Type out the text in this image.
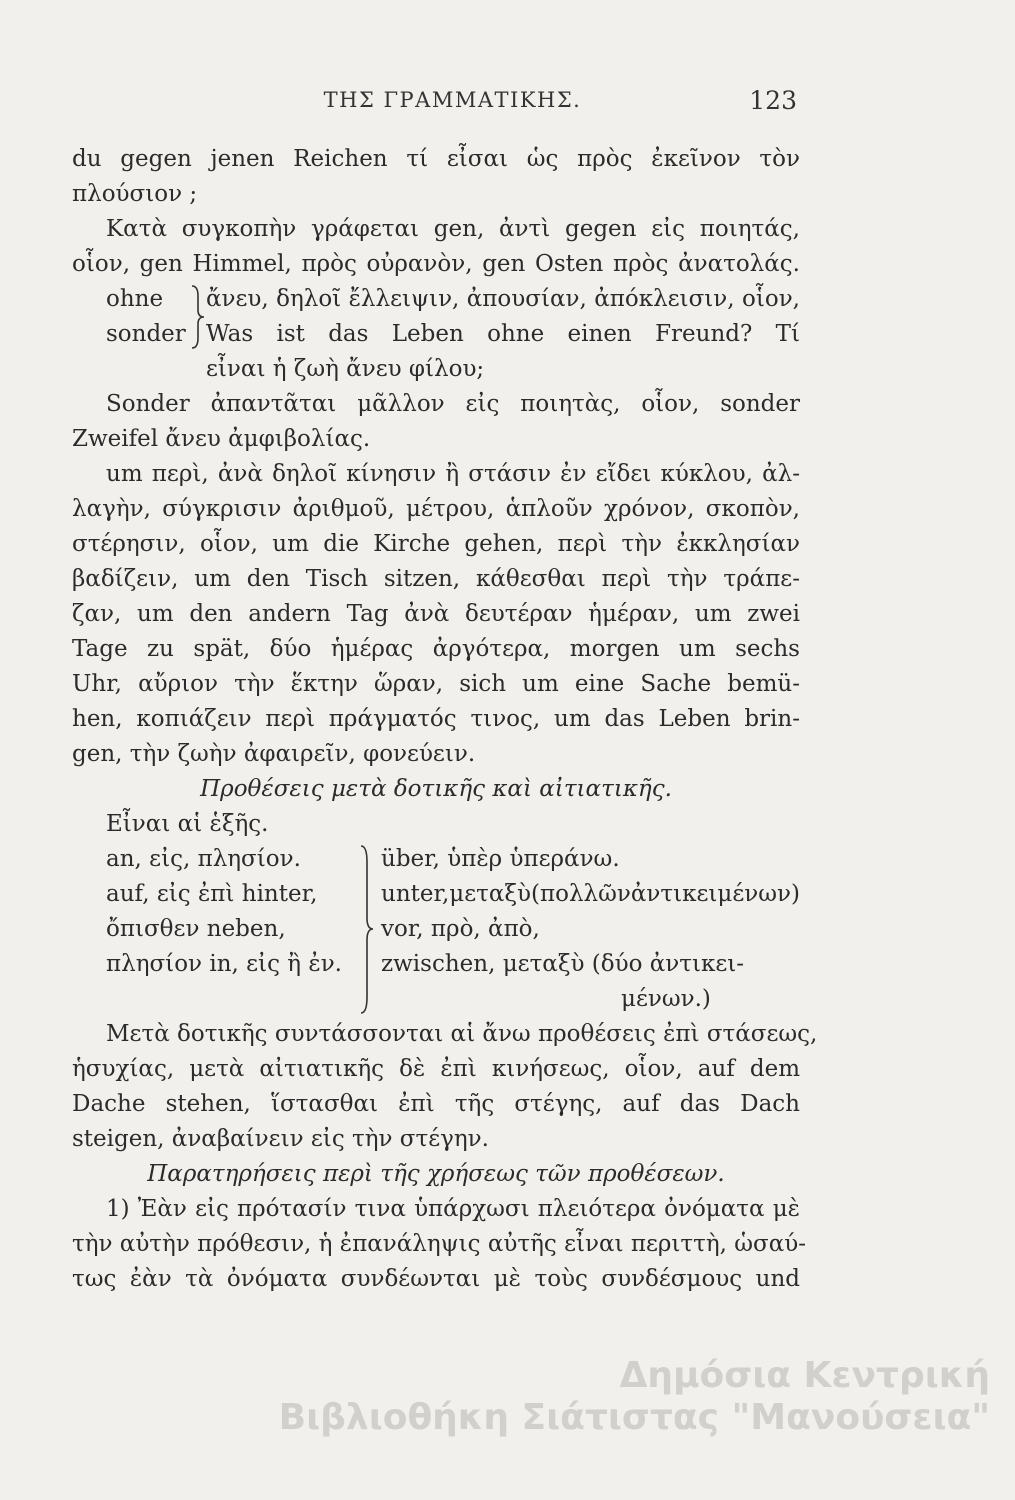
ΤΗΣ ΓΡΑΜΜΑΤΙΚΗΣ.	123
du gegen jenen Reichen τί εἶσαι ὡς πρὸς ἐκεῖνον τὸν
πλούσιον ;
Κατὰ συγκοπὴν γράφεται gen, ἀντὶ gegen εἰς ποιητάς,
οἷον, gen Himmel, πρὸς οὐρανὸν, gen Osten πρὸς ἀνατολάς.
ohne
sonder
ἄνευ, δηλοῖ ἔλλειψιν, ἀπουσίαν, ἀπόκλεισιν, οἷον,
Was ist das Leben ohne einen Freund? Τί
εἶναι ἡ ζωὴ ἄνευ φίλου;
Sonder ἀπαντᾶται μᾶλλον εἰς ποιητὰς, οἷον, sonder
Zweifel ἄνευ ἀμφιβολίας.
um περὶ, ἀνὰ δηλοῖ κίνησιν ἢ στάσιν ἐν εἴδει κύκλου, ἀλ-
λαγὴν, σύγκρισιν ἀριθμοῦ, μέτρου, ἁπλοῦν χρόνον, σκοπὸν,
στέρησιν, οἷον, um die Kirche gehen, περὶ τὴν ἐκκλησίαν
βαδίζειν, um den Tisch sitzen, κάθεσθαι περὶ τὴν τράπε-
ζαν, um den andern Tag ἀνὰ δευτέραν ἡμέραν, um zwei
Tage zu spät, δύο ἡμέρας ἀργότερα, morgen um sechs
Uhr, αὔριον τὴν ἕκτην ὥραν, sich um eine Sache bemü-
hen, κοπιάζειν περὶ πράγματός τινος, um das Leben brin-
gen, τὴν ζωὴν ἀφαιρεῖν, φονεύειν.
Προθέσεις μετὰ δοτικῆς καὶ αἰτιατικῆς.
Εἶναι αἱ ἑξῆς.
an, εἰς, πλησίον. auf, εἰς ἐπὶ hinter, ὄπισθεν neben, πλησίον in, εἰς ἢ ἐν.
über, ὑπὲρ ὑπεράνω.
unter,μεταξὺ(πολλῶνἀντικειμένων)
vor, πρὸ, ἀπὸ,
zwischen, μεταξὺ (δύο ἀντικει-
μένων.)
Μετὰ δοτικῆς συντάσσονται αἱ ἄνω προθέσεις ἐπὶ στάσεως,
ἡσυχίας, μετὰ αἰτιατικῆς δὲ ἐπὶ κινήσεως, οἷον, auf dem
Dache stehen, ἵστασθαι ἐπὶ τῆς στέγης, auf das Dach
steigen, ἀναβαίνειν εἰς τὴν στέγην.
Παρατηρήσεις περὶ τῆς χρήσεως τῶν προθέσεων.
1) Ἐὰν εἰς πρότασίν τινα ὑπάρχωσι πλειότερα ὀνόματα μὲ
τὴν αὐτὴν πρόθεσιν, ἡ ἐπανάληψις αὐτῆς εἶναι περιττὴ, ὡσαύ-
τως ἐὰν τὰ ὀνόματα συνδέωνται μὲ τοὺς συνδέσμους und
Δημόσια Κεντρική
Βιβλιοθήκη Σιάτιστας "Μανούσεια"
